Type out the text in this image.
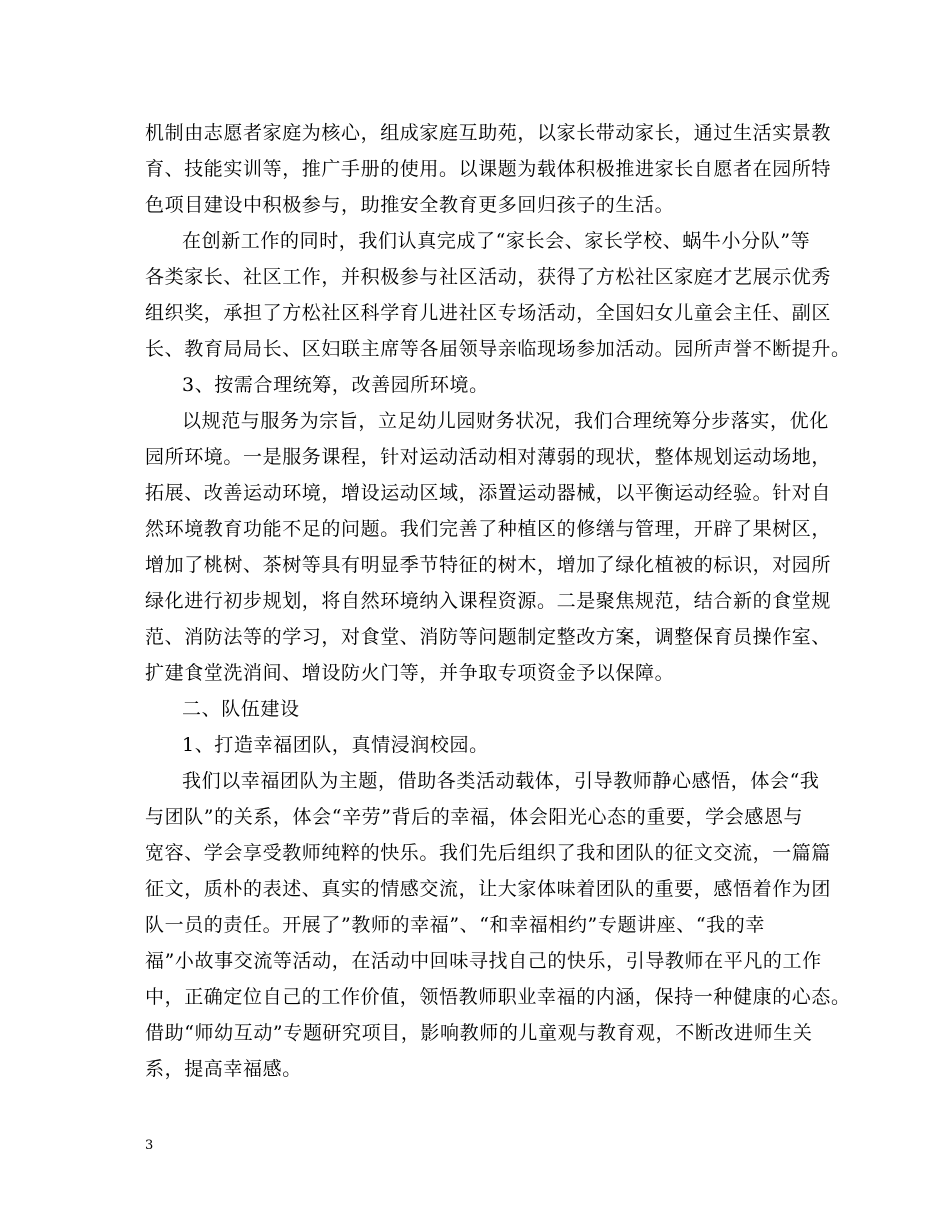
机制由志愿者家庭为核心，组成家庭互助苑，以家长带动家长，通过生活实景教
育、技能实训等，推广手册的使用。以课题为载体积极推进家长自愿者在园所特
色项目建设中积极参与，助推安全教育更多回归孩子的生活。
在创新工作的同时，我们认真完成了“家长会、家长学校、蜗牛小分队”等
各类家长、社区工作，并积极参与社区活动，获得了方松社区家庭才艺展示优秀
组织奖，承担了方松社区科学育儿进社区专场活动，全国妇女儿童会主任、副区
长、教育局局长、区妇联主席等各届领导亲临现场参加活动。园所声誉不断提升。
3、按需合理统筹，改善园所环境。
以规范与服务为宗旨，立足幼儿园财务状况，我们合理统筹分步落实，优化
园所环境。一是服务课程，针对运动活动相对薄弱的现状，整体规划运动场地，
拓展、改善运动环境，增设运动区域，添置运动器械，以平衡运动经验。针对自
然环境教育功能不足的问题。我们完善了种植区的修缮与管理，开辟了果树区，
增加了桃树、茶树等具有明显季节特征的树木，增加了绿化植被的标识，对园所
绿化进行初步规划，将自然环境纳入课程资源。二是聚焦规范，结合新的食堂规
范、消防法等的学习，对食堂、消防等问题制定整改方案，调整保育员操作室、
扩建食堂洗消间、增设防火门等，并争取专项资金予以保障。
二、队伍建设
1、打造幸福团队，真情浸润校园。
我们以幸福团队为主题，借助各类活动载体，引导教师静心感悟，体会“我
与团队”的关系，体会“辛劳”背后的幸福，体会阳光心态的重要，学会感恩与
宽容、学会享受教师纯粹的快乐。我们先后组织了我和团队的征文交流，一篇篇
征文，质朴的表述、真实的情感交流，让大家体味着团队的重要，感悟着作为团
队一员的责任。开展了”教师的幸福”、“和幸福相约”专题讲座、“我的幸
福”小故事交流等活动，在活动中回味寻找自己的快乐，引导教师在平凡的工作
中，正确定位自己的工作价值，领悟教师职业幸福的内涵，保持一种健康的心态。
借助“师幼互动”专题研究项目，影响教师的儿童观与教育观，不断改进师生关
系，提高幸福感。
3
